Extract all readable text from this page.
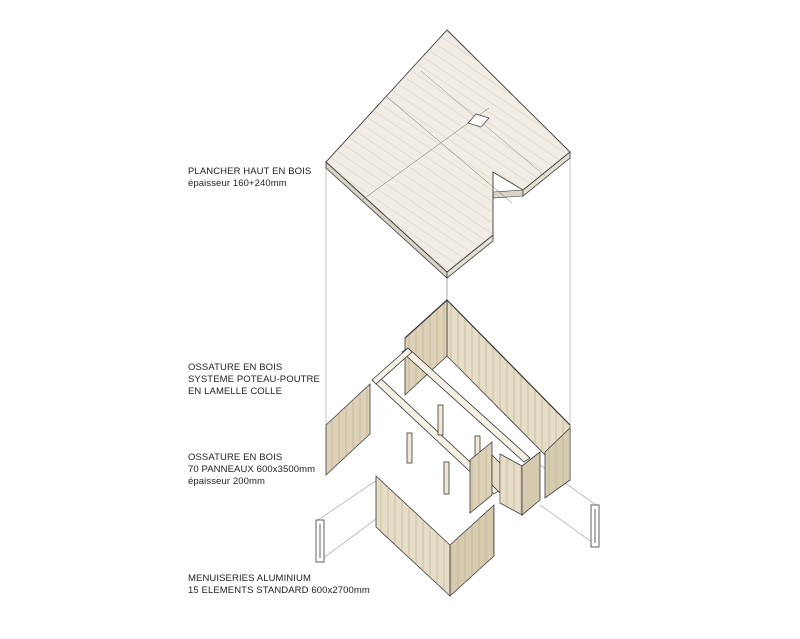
PLANCHER HAUT EN BOIS
épaisseur 160+240mm
OSSATURE EN BOIS
SYSTEME POTEAU-POUTRE
EN LAMELLE COLLE
OSSATURE EN BOIS
70 PANNEAUX 600x3500mm
épaisseur 200mm
MENUISERIES ALUMINIUM
15 ELEMENTS STANDARD 600x2700mm
